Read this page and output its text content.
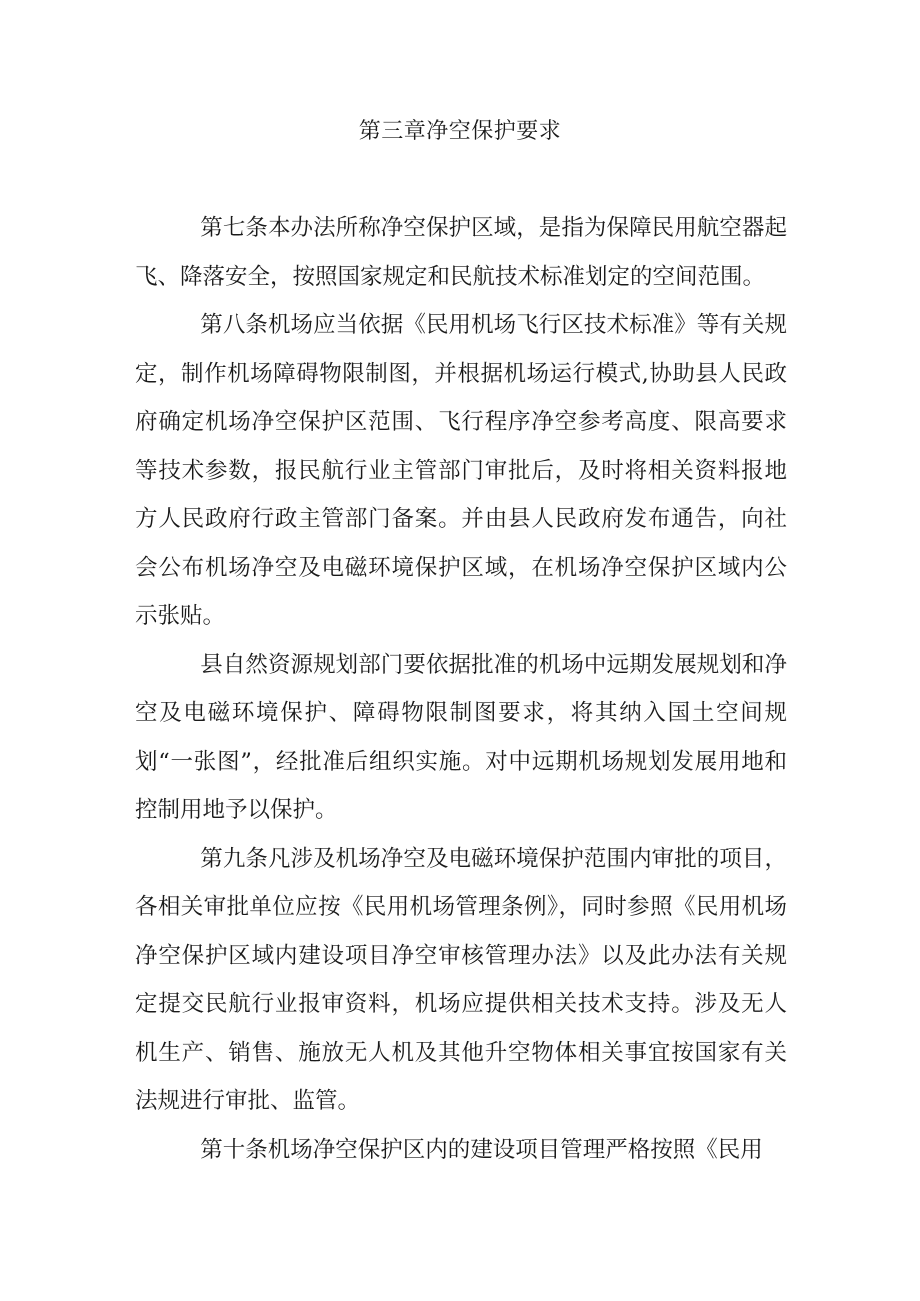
第三章净空保护要求

第七条本办法所称净空保护区域，是指为保障民用航空器起飞、降落安全，按照国家规定和民航技术标准划定的空间范围。

第八条机场应当依据《民用机场飞行区技术标准》等有关规定，制作机场障碍物限制图，并根据机场运行模式,协助县人民政府确定机场净空保护区范围、飞行程序净空参考高度、限高要求等技术参数，报民航行业主管部门审批后，及时将相关资料报地方人民政府行政主管部门备案。并由县人民政府发布通告，向社会公布机场净空及电磁环境保护区域，在机场净空保护区域内公示张贴。

县自然资源规划部门要依据批准的机场中远期发展规划和净空及电磁环境保护、障碍物限制图要求，将其纳入国土空间规划“一张图”，经批准后组织实施。对中远期机场规划发展用地和控制用地予以保护。

第九条凡涉及机场净空及电磁环境保护范围内审批的项目，各相关审批单位应按《民用机场管理条例》，同时参照《民用机场净空保护区域内建设项目净空审核管理办法》以及此办法有关规定提交民航行业报审资料，机场应提供相关技术支持。涉及无人机生产、销售、施放无人机及其他升空物体相关事宜按国家有关法规进行审批、监管。

第十条机场净空保护区内的建设项目管理严格按照《民用
